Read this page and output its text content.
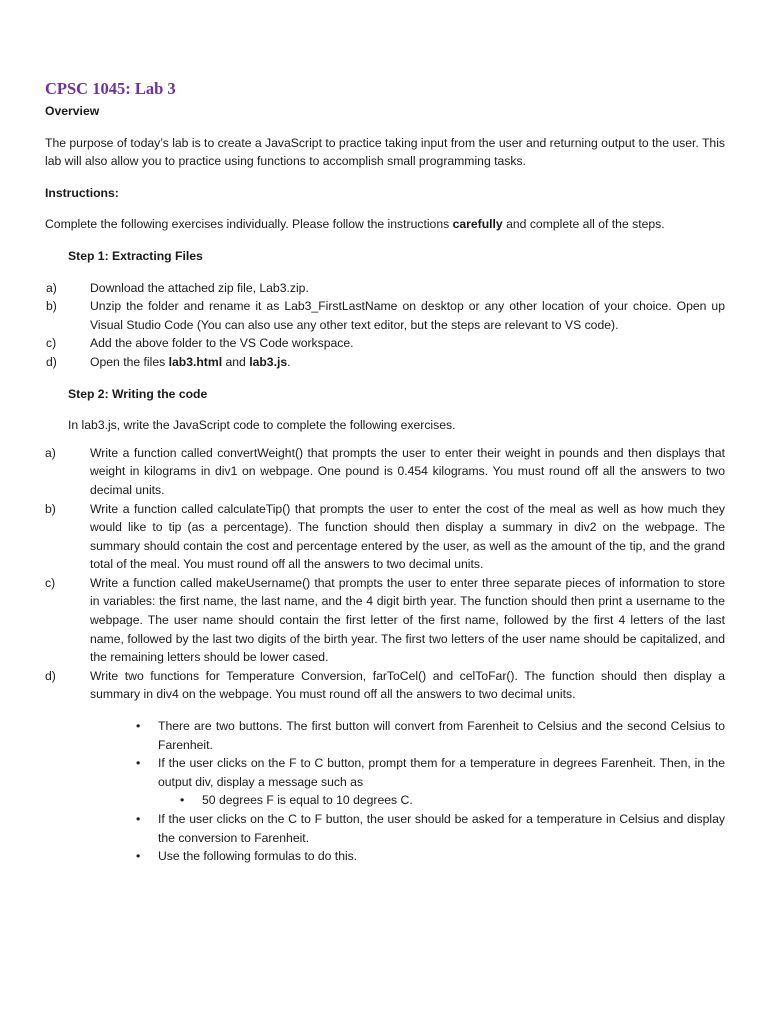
CPSC 1045: Lab 3
Overview
The purpose of today’s lab is to create a JavaScript to practice taking input from the user and returning output to the user. This lab will also allow you to practice using functions to accomplish small programming tasks.
Instructions:
Complete the following exercises individually. Please follow the instructions carefully and complete all of the steps.
Step 1: Extracting Files
a)	Download the attached zip file, Lab3.zip.
b)	Unzip the folder and rename it as Lab3_FirstLastName on desktop or any other location of your choice. Open up Visual Studio Code (You can also use any other text editor, but the steps are relevant to VS code).
c)	Add the above folder to the VS Code workspace.
d)	Open the files lab3.html and lab3.js.
Step 2: Writing the code
In lab3.js, write the JavaScript code to complete the following exercises.
a)	Write a function called convertWeight() that prompts the user to enter their weight in pounds and then displays that weight in kilograms in div1 on webpage. One pound is 0.454 kilograms. You must round off all the answers to two decimal units.
b)	Write a function called calculateTip() that prompts the user to enter the cost of the meal as well as how much they would like to tip (as a percentage). The function should then display a summary in div2 on the webpage. The summary should contain the cost and percentage entered by the user, as well as the amount of the tip, and the grand total of the meal. You must round off all the answers to two decimal units.
c)	Write a function called makeUsername() that prompts the user to enter three separate pieces of information to store in variables: the first name, the last name, and the 4 digit birth year. The function should then print a username to the webpage. The user name should contain the first letter of the first name, followed by the first 4 letters of the last name, followed by the last two digits of the birth year. The first two letters of the user name should be capitalized, and the remaining letters should be lower cased.
d)	Write two functions for Temperature Conversion, farToCel() and celToFar(). The function should then display a summary in div4 on the webpage. You must round off all the answers to two decimal units.
• There are two buttons. The first button will convert from Farenheit to Celsius and the second Celsius to Farenheit.
• If the user clicks on the F to C button, prompt them for a temperature in degrees Farenheit. Then, in the output div, display a message such as
• 50 degrees F is equal to 10 degrees C.
• If the user clicks on the C to F button, the user should be asked for a temperature in Celsius and display the conversion to Farenheit.
• Use the following formulas to do this.
